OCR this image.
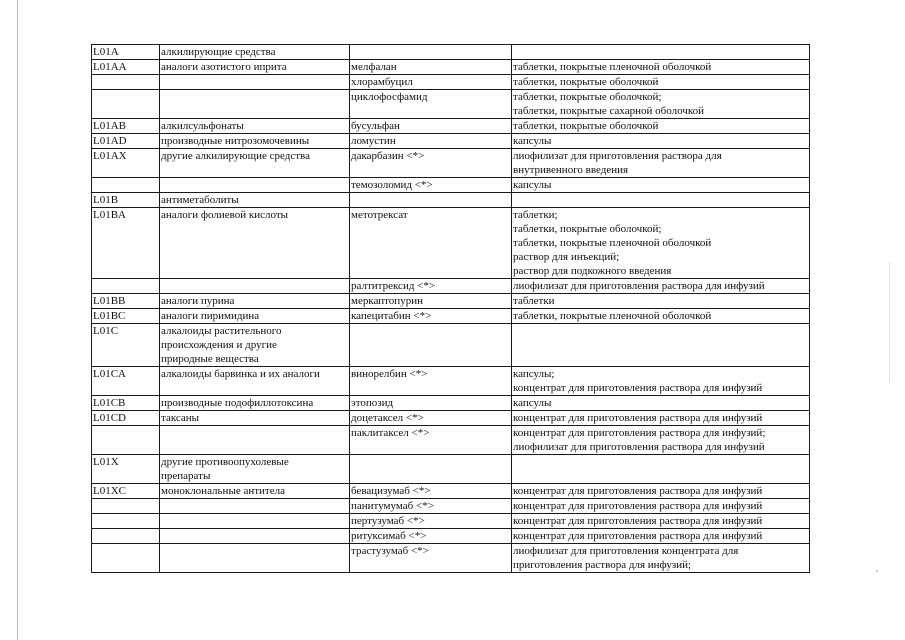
L01A	алкилирующие средства		

L01AA	аналоги азотистого иприта	мелфалан	таблетки, покрытые пленочной оболочкой

		хлорамбуцил	таблетки, покрытые оболочкой

		циклофосфамид	таблетки, покрытые оболочкой;
таблетки, покрытые сахарной оболочкой

L01AB	алкилсульфонаты	бусульфан	таблетки, покрытые оболочкой

L01AD	производные нитрозомочевины	ломустин	капсулы

L01AX	другие алкилирующие средства	дакарбазин <*>	лиофилизат для приготовления раствора для
внутривенного введения

		темозоломид <*>	капсулы

L01B	антиметаболиты		

L01BA	аналоги фолиевой кислоты	метотрексат	таблетки;
таблетки, покрытые оболочкой;
таблетки, покрытые пленочной оболочкой
раствор для инъекций;
раствор для подкожного введения

		ралтитрексид <*>	лиофилизат для приготовления раствора для инфузий

L01BB	аналоги пурина	меркаптопурин	таблетки

L01BC	аналоги пиримидина	капецитабин <*>	таблетки, покрытые пленочной оболочкой

L01C	алкалоиды растительного
происхождения и другие
природные вещества		

L01CA	алкалоиды барвинка и их аналоги	винорелбин <*>	капсулы;
концентрат для приготовления раствора для инфузий

L01CB	производные подофиллотоксина	этопозид	капсулы

L01CD	таксаны	доцетаксел <*>	концентрат для приготовления раствора для инфузий

		паклитаксел <*>	концентрат для приготовления раствора для инфузий;
лиофилизат для приготовления раствора для инфузий

L01X	другие противоопухолевые
препараты		

L01XC	моноклональные антитела	бевацизумаб <*>	концентрат для приготовления раствора для инфузий

		панитумумаб <*>	концентрат для приготовления раствора для инфузий

		пертузумаб <*>	концентрат для приготовления раствора для инфузий

		ритуксимаб <*>	концентрат для приготовления раствора для инфузий

		трастузумаб <*>	лиофилизат для приготовления концентрата для
приготовления раствора для инфузий;
